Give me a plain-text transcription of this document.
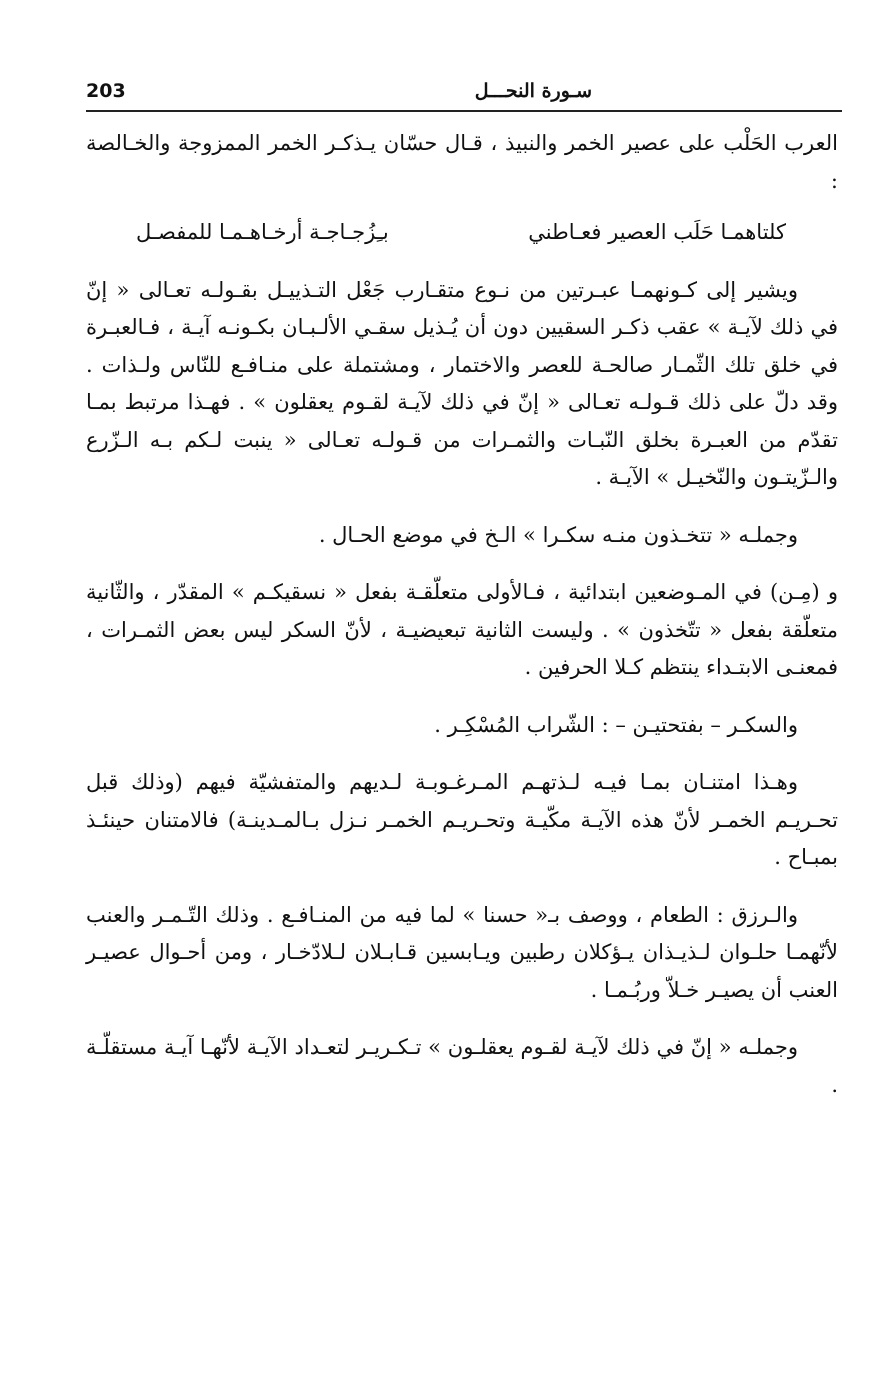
203	سـورة النحـــل

العرب الحَلْب على عصير الخمر والنبيذ ، قـال حسّان يـذكـر الخمر الممزوجة والخـالصة :

كلتاهمـا حَلَب العصير فعـاطني
بـِزُجـاجـة أرخـاهـمـا للمفصـل

ويشير إلى كـونهمـا عبـرتين من نـوع متقـارب جَعْل التـذييـل بقـولـه تعـالى « إنّ في ذلك لآيـة » عقب ذكـر السقيين دون أن يُـذيل سقـي الألـبـان بكـونـه آيـة ، فـالعبـرة في خلق تلك الثّمـار صالحـة للعصر والاختمار ، ومشتملة على منـافـع للنّاس ولـذات . وقد دلّ على ذلك قـولـه تعـالى « إنّ في ذلك لآيـة لقـوم يعقلون » . فهـذا مرتبط بمـا تقدّم من العبـرة بخلق النّبـات والثمـرات من قـولـه تعـالى « ينبت لـكم بـه الـزّرع والـزّيتـون والنّخيـل » الآيـة .

وجملـه « تتخـذون منـه سكـرا » الـخ في موضع الحـال .

و (مِـن) في المـوضعين ابتدائية ، فـالأولى متعلّقـة بفعل « نسقيكـم » المقدّر ، والثّانية متعلّقة بفعل « تتّخذون » . وليست الثانية تبعيضيـة ، لأنّ السكر ليس بعض الثمـرات ، فمعنـى الابتـداء ينتظم كـلا الحرفين .

والسكـر – بفتحتيـن – : الشّراب المُسْكِـر .

وهـذا امتنـان بمـا فيـه لـذتهـم المـرغـوبـة لـديهم والمتفشيّة فيهم (وذلك قبل تحـريـم الخمـر لأنّ هذه الآيـة مكّيـة وتحـريـم الخمـر نـزل بـالمـدينـة) فالامتنان حينئـذ بمبـاح .

والـرزق : الطعام ، ووصف بـ« حسنا » لما فيه من المنـافـع . وذلك التّـمـر والعنب لأنّهمـا حلـوان لـذيـذان يـؤكلان رطبين ويـابسين قـابـلان لـلادّخـار ، ومن أحـوال عصيـر العنب أن يصيـر خـلاّ وربُـمـا .

وجملـه « إنّ في ذلك لآيـة لقـوم يعقلـون » تـكـريـر لتعـداد الآيـة لأنّهـا آيـة مستقلّـة .
